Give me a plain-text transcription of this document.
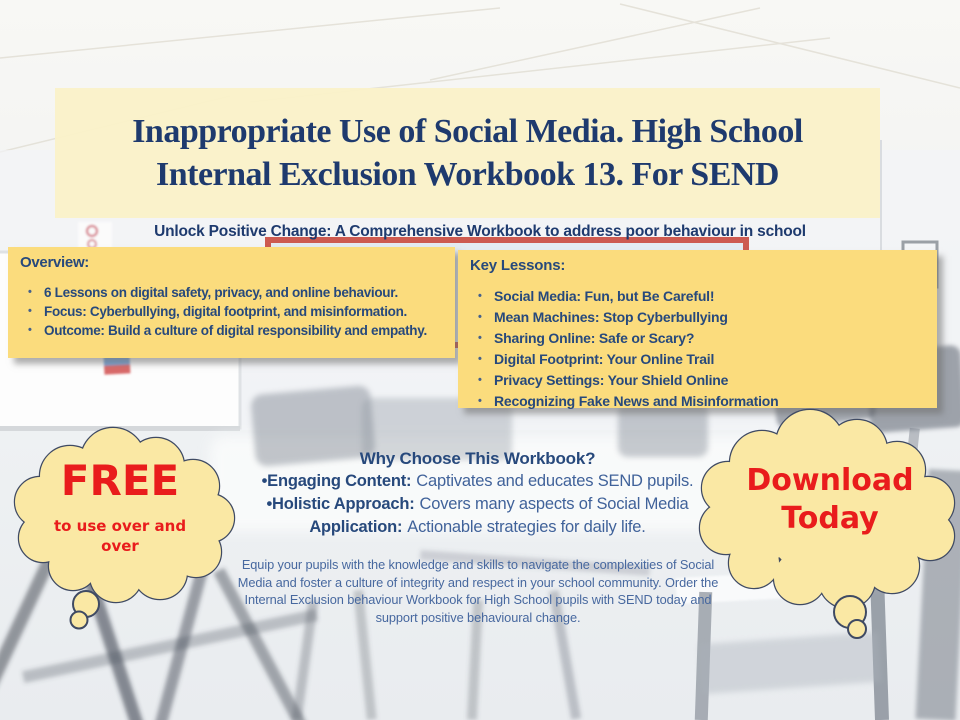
Inappropriate Use of Social Media. High School
Internal Exclusion Workbook 13. For SEND
Unlock Positive Change: A Comprehensive Workbook to address poor behaviour in school
Overview:
• 6 Lessons on digital safety, privacy, and online behaviour.
• Focus: Cyberbullying, digital footprint, and misinformation.
• Outcome: Build a culture of digital responsibility and empathy.
Key Lessons:
• Social Media: Fun, but Be Careful!
• Mean Machines: Stop Cyberbullying
• Sharing Online: Safe or Scary?
• Digital Footprint: Your Online Trail
• Privacy Settings: Your Shield Online
• Recognizing Fake News and Misinformation
Equip your pupils with the knowledge and skills to navigate the complexities of Social Media and foster a culture of integrity and respect in your school community. Order the Internal Exclusion behaviour Workbook for High School pupils with SEND today and support positive behavioural change.
FREE
to use over and over
Download
Today
Why Choose This Workbook?
•Engaging Content: Captivates and educates SEND pupils.
•Holistic Approach: Covers many aspects of Social Media
Application: Actionable strategies for daily life.
